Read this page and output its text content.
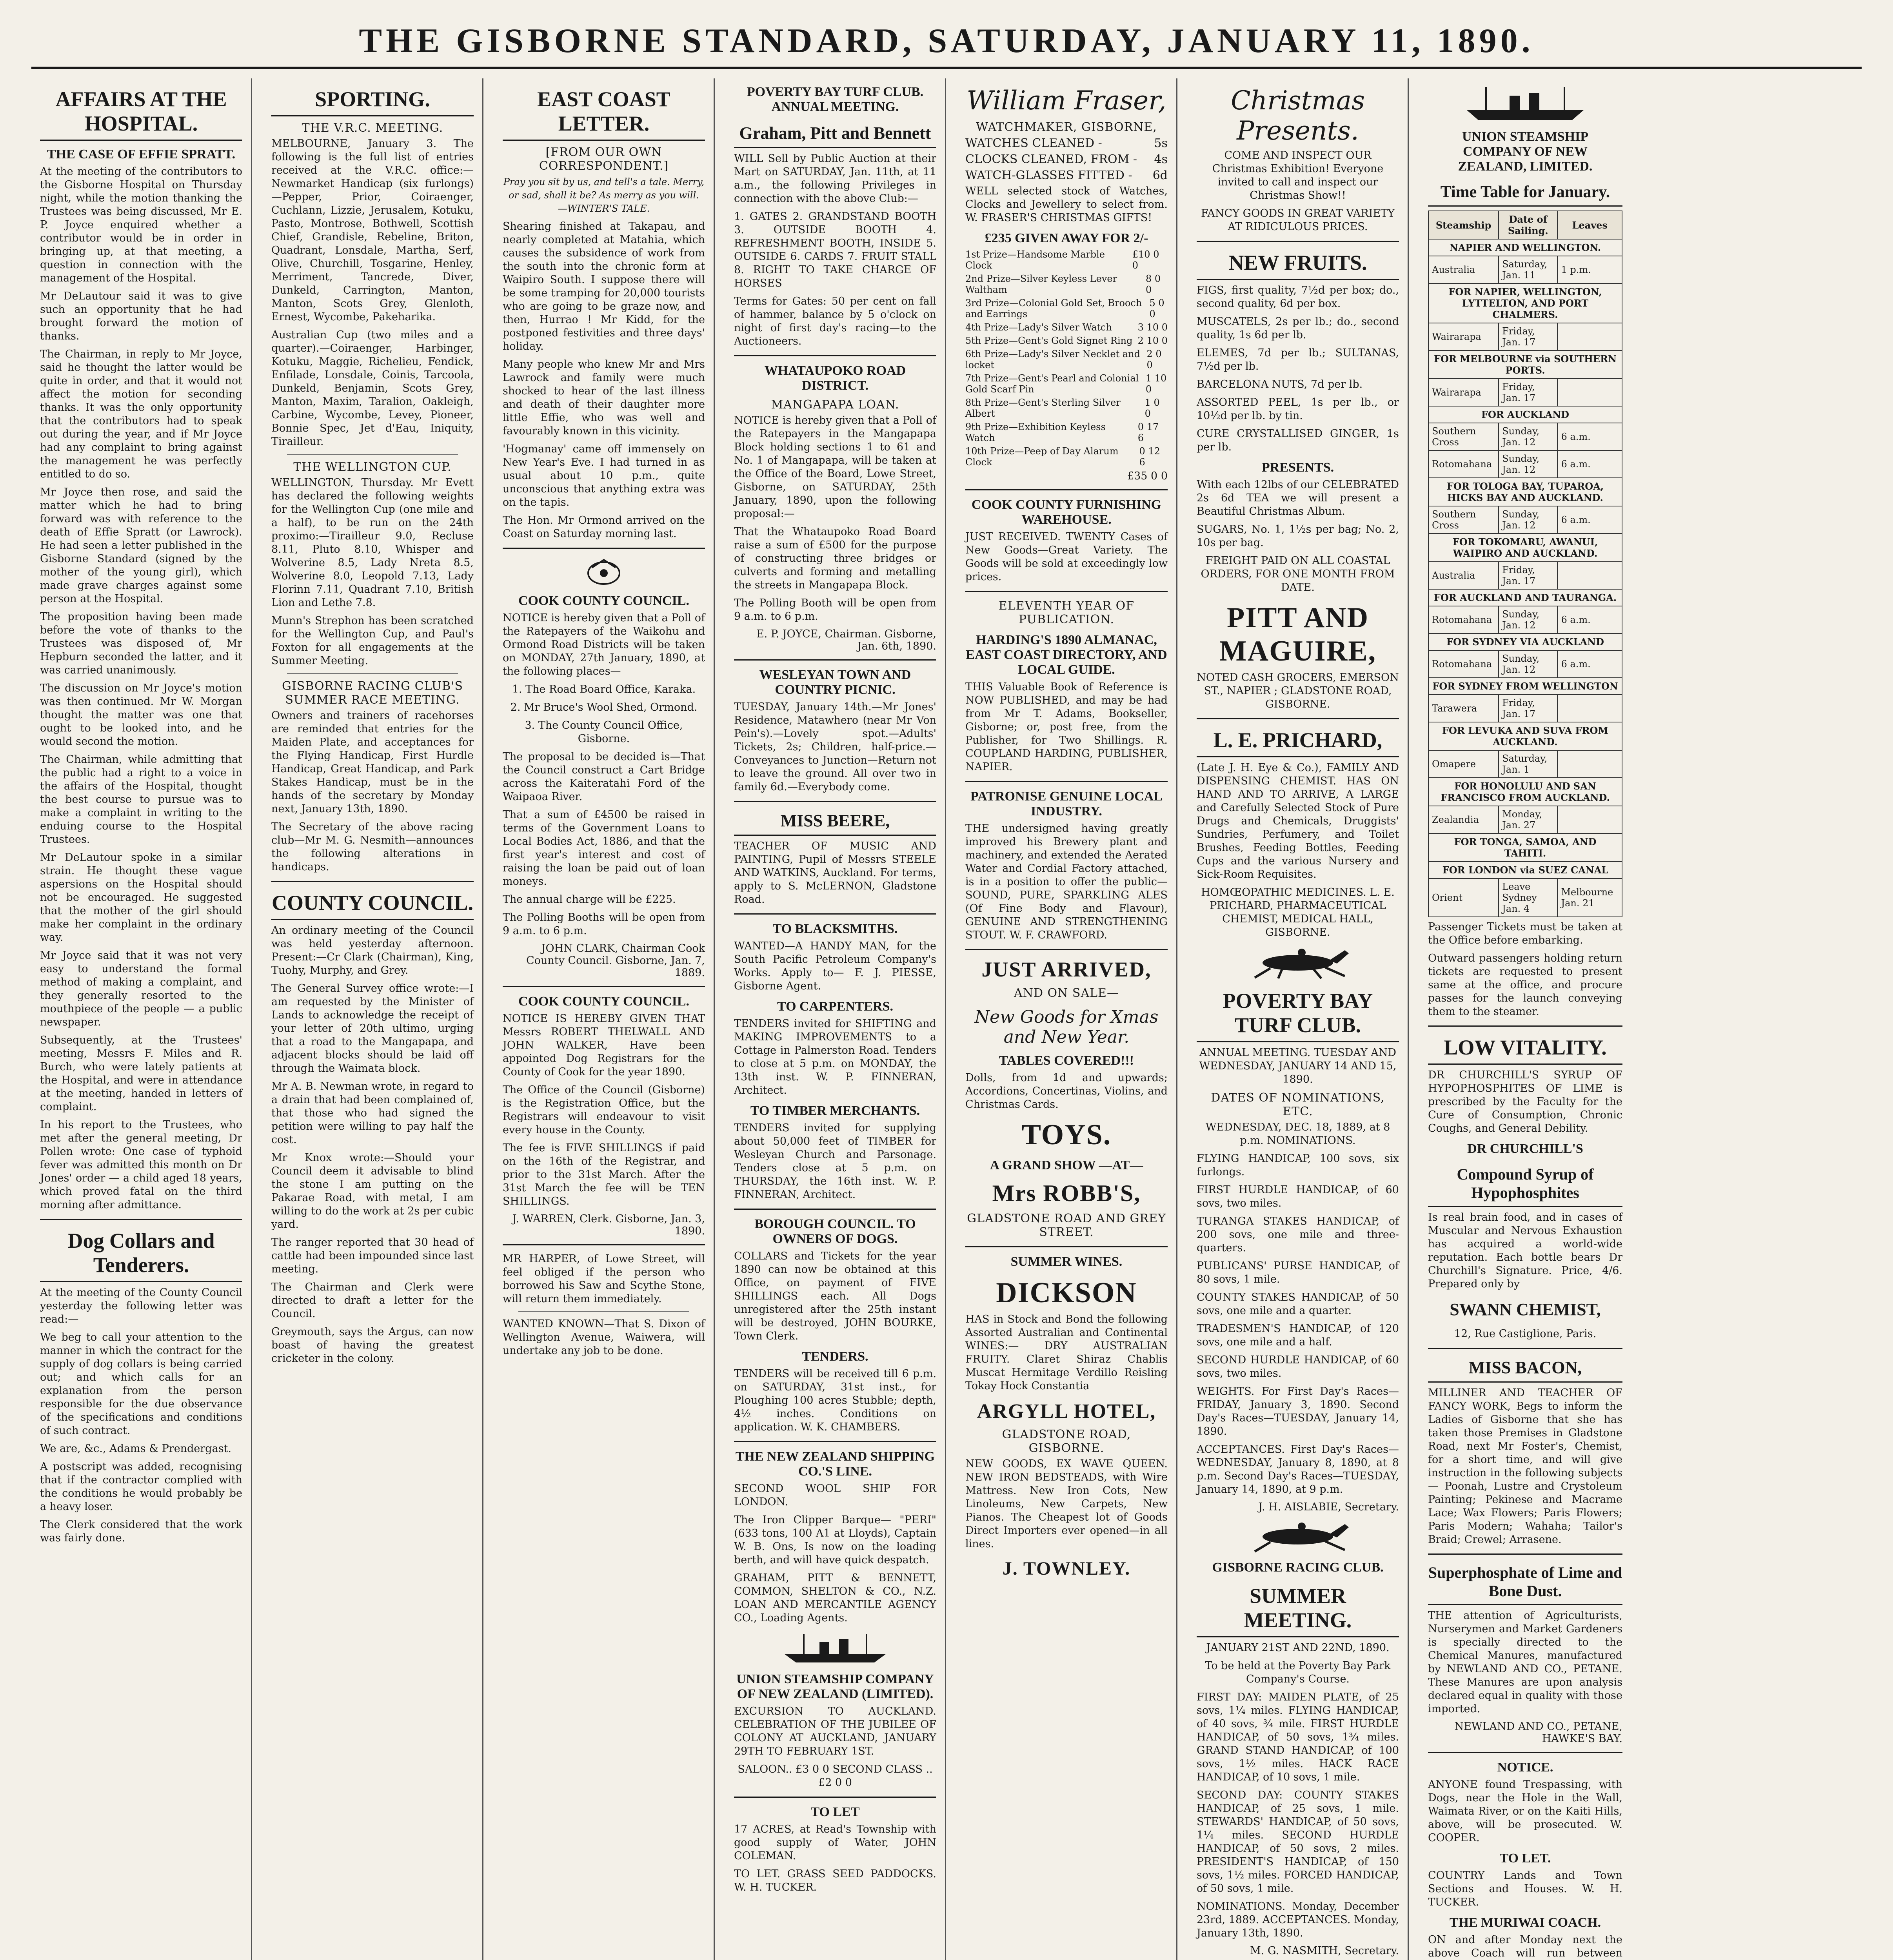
THE GISBORNE STANDARD, SATURDAY, JANUARY 11, 1890.
AFFAIRS AT THE HOSPITAL.
THE CASE OF EFFIE SPRATT.

At the meeting of the contributors to the Gisborne Hospital on Thursday night, while the motion thanking the Trustees was being discussed, Mr E. P. Joyce enquired whether a contributor would be in order in bringing up, at that meeting, a question in connection with the management of the Hospital.

Mr DeLautour said it was to give such an opportunity that he had brought forward the motion of thanks.

The Chairman, in reply to Mr Joyce, said he thought the latter would be quite in order, and that it would not affect the motion for seconding thanks. It was the only opportunity that the contributors had to speak out during the year, and if Mr Joyce had any complaint to bring against the management he was perfectly entitled to do so.

Mr Joyce then rose, and said the matter which he had to bring forward was with reference to the death of Effie Spratt (or Lawrock). He had seen a letter published in the Gisborne Standard (signed by the mother of the young girl), which made grave charges against some person at the Hospital.

The proposition having been made before the vote of thanks to the Trustees was disposed of, Mr Hepburn seconded the latter, and it was carried unanimously.

The discussion on Mr Joyce's motion was then continued. Mr W. Morgan thought the matter was one that ought to be looked into, and he would second the motion.

The Chairman, while admitting that the public had a right to a voice in the affairs of the Hospital, thought the best course to pursue was to make a complaint in writing to the enduing course to the Hospital Trustees.

Mr DeLautour spoke in a similar strain. He thought these vague aspersions on the Hospital should not be encouraged. He suggested that the mother of the girl should make her complaint in the ordinary way.

Mr Joyce said that it was not very easy to understand the formal method of making a complaint, and they generally resorted to the mouthpiece of the people — a public newspaper.

Subsequently, at the Trustees' meeting, Messrs F. Miles and R. Burch, who were lately patients at the Hospital, and were in attendance at the meeting, handed in letters of complaint.

In his report to the Trustees, who met after the general meeting, Dr Pollen wrote: One case of typhoid fever was admitted this month on Dr Jones' order — a child aged 18 years, which proved fatal on the third morning after admittance.

Dog Collars and Tenderers.

At the meeting of the County Council yesterday the following letter was read:—

We beg to call your attention to the manner in which the contract for the supply of dog collars is being carried out; and which calls for an explanation from the person responsible for the due observance of the specifications and conditions of such contract.

We are, &c., Adams & Prendergast.

A postscript was added, recognising that if the contractor complied with the conditions he would probably be a heavy loser.

The Clerk considered that the work was fairly done.

SPORTING.
THE V.R.C. MEETING.

MELBOURNE, January 3. The following is the full list of entries received at the V.R.C. office:—Newmarket Handicap (six furlongs)—Pepper, Prior, Coiraenger, Cuchlann, Lizzie, Jerusalem, Kotuku, Pasto, Montrose, Bothwell, Scottish Chief, Grandisle, Rebeline, Briton, Quadrant, Lonsdale, Martha, Serf, Olive, Churchill, Tosgarine, Henley, Merriment, Tancrede, Diver, Dunkeld, Carrington, Manton, Manton, Scots Grey, Glenloth, Ernest, Wycombe, Pakeharika.

Australian Cup (two miles and a quarter).—Coiraenger, Harbinger, Kotuku, Maggie, Richelieu, Fendick, Enfilade, Lonsdale, Coinis, Tarcoola, Dunkeld, Benjamin, Scots Grey, Manton, Maxim, Taralion, Oakleigh, Carbine, Wycombe, Levey, Pioneer, Bonnie Spec, Jet d'Eau, Iniquity, Tirailleur.

THE WELLINGTON CUP.

WELLINGTON, Thursday. Mr Evett has declared the following weights for the Wellington Cup (one mile and a half), to be run on the 24th proximo:—Tirailleur 9.0, Recluse 8.11, Pluto 8.10, Whisper and Wolverine 8.5, Lady Nreta 8.5, Wolverine 8.0, Leopold 7.13, Lady Florinn 7.11, Quadrant 7.10, British Lion and Lethe 7.8.

Munn's Strephon has been scratched for the Wellington Cup, and Paul's Foxton for all engagements at the Summer Meeting.

GISBORNE RACING CLUB'S SUMMER RACE MEETING.

Owners and trainers of racehorses are reminded that entries for the Maiden Plate, and acceptances for the Flying Handicap, First Hurdle Handicap, Great Handicap, and Park Stakes Handicap, must be in the hands of the secretary by Monday next, January 13th, 1890.

The Secretary of the above racing club—Mr M. G. Nesmith—announces the following alterations in handicaps.

COUNTY COUNCIL.

An ordinary meeting of the Council was held yesterday afternoon. Present:—Cr Clark (Chairman), King, Tuohy, Murphy, and Grey.

The General Survey office wrote:—I am requested by the Minister of Lands to acknowledge the receipt of your letter of 20th ultimo, urging that a road to the Mangapapa, and adjacent blocks should be laid off through the Waimata block.

Mr A. B. Newman wrote, in regard to a drain that had been complained of, that those who had signed the petition were willing to pay half the cost.

Mr Knox wrote:—Should your Council deem it advisable to blind the stone I am putting on the Pakarae Road, with metal, I am willing to do the work at 2s per cubic yard.

The ranger reported that 30 head of cattle had been impounded since last meeting.

The Chairman and Clerk were directed to draft a letter for the Council.

Greymouth, says the Argus, can now boast of having the greatest cricketer in the colony.

EAST COAST LETTER.
[FROM OUR OWN CORRESPONDENT.]

Pray you sit by us, and tell's a tale. Merry, or sad, shall it be? As merry as you will. —WINTER'S TALE.

Shearing finished at Takapau, and nearly completed at Matahia, which causes the subsidence of work from the south into the chronic form at Waipiro South. I suppose there will be some tramping for 20,000 tourists who are going to be graze now, and then, Hurrao ! Mr Kidd, for the postponed festivities and three days' holiday.

Many people who knew Mr and Mrs Lawrock and family were much shocked to hear of the last illness and death of their daughter more little Effie, who was well and favourably known in this vicinity.

'Hogmanay' came off immensely on New Year's Eve. I had turned in as usual about 10 p.m., quite unconscious that anything extra was on the tapis.

The Hon. Mr Ormond arrived on the Coast on Saturday morning last.

COOK COUNTY COUNCIL.

NOTICE is hereby given that a Poll of the Ratepayers of the Waikohu and Ormond Road Districts will be taken on MONDAY, 27th January, 1890, at the following places—

1. The Road Board Office, Karaka.

2. Mr Bruce's Wool Shed, Ormond.

3. The County Council Office, Gisborne.

The proposal to be decided is—That the Council construct a Cart Bridge across the Kaiteratahi Ford of the Waipaoa River.

That a sum of £4500 be raised in terms of the Government Loans to Local Bodies Act, 1886, and that the first year's interest and cost of raising the loan be paid out of loan moneys.

The annual charge will be £225.

The Polling Booths will be open from 9 a.m. to 6 p.m.

JOHN CLARK, Chairman Cook County Council. Gisborne, Jan. 7, 1889.
COOK COUNTY COUNCIL.

NOTICE IS HEREBY GIVEN THAT Messrs ROBERT THELWALL AND JOHN WALKER, Have been appointed Dog Registrars for the County of Cook for the year 1890.

The Office of the Council (Gisborne) is the Registration Office, but the Registrars will endeavour to visit every house in the County.

The fee is FIVE SHILLINGS if paid on the 16th of the Registrar, and prior to the 31st March. After the 31st March the fee will be TEN SHILLINGS.

J. WARREN, Clerk. Gisborne, Jan. 3, 1890.

MR HARPER, of Lowe Street, will feel obliged if the person who borrowed his Saw and Scythe Stone, will return them immediately.

WANTED KNOWN—That S. Dixon of Wellington Avenue, Waiwera, will undertake any job to be done.

POVERTY BAY TURF CLUB. ANNUAL MEETING.
Graham, Pitt and Bennett

WILL Sell by Public Auction at their Mart on SATURDAY, Jan. 11th, at 11 a.m., the following Privileges in connection with the above Club:—

1. GATES 2. GRANDSTAND BOOTH 3. OUTSIDE BOOTH 4. REFRESHMENT BOOTH, INSIDE 5. OUTSIDE 6. CARDS 7. FRUIT STALL 8. RIGHT TO TAKE CHARGE OF HORSES

Terms for Gates: 50 per cent on fall of hammer, balance by 5 o'clock on night of first day's racing—to the Auctioneers.

WHATAUPOKO ROAD DISTRICT.
MANGAPAPA LOAN.

NOTICE is hereby given that a Poll of the Ratepayers in the Mangapapa Block holding sections 1 to 61 and No. 1 of Mangapapa, will be taken at the Office of the Board, Lowe Street, Gisborne, on SATURDAY, 25th January, 1890, upon the following proposal:—

That the Whataupoko Road Board raise a sum of £500 for the purpose of constructing three bridges or culverts and forming and metalling the streets in Mangapapa Block.

The Polling Booth will be open from 9 a.m. to 6 p.m.

E. P. JOYCE, Chairman. Gisborne, Jan. 6th, 1890.
WESLEYAN TOWN AND COUNTRY PICNIC.

TUESDAY, January 14th.—Mr Jones' Residence, Matawhero (near Mr Von Pein's).—Lovely spot.—Adults' Tickets, 2s; Children, half-price.—Conveyances to Junction—Return not to leave the ground. All over two in family 6d.—Everybody come.

MISS BEERE,

TEACHER OF MUSIC AND PAINTING, Pupil of Messrs STEELE AND WATKINS, Auckland. For terms, apply to S. McLERNON, Gladstone Road.

TO BLACKSMITHS.

WANTED—A HANDY MAN, for the South Pacific Petroleum Company's Works. Apply to— F. J. PIESSE, Gisborne Agent.

TO CARPENTERS.

TENDERS invited for SHIFTING and MAKING IMPROVEMENTS to a Cottage in Palmerston Road. Tenders to close at 5 p.m. on MONDAY, the 13th inst. W. P. FINNERAN, Architect.

TO TIMBER MERCHANTS.

TENDERS invited for supplying about 50,000 feet of TIMBER for Wesleyan Church and Parsonage. Tenders close at 5 p.m. on THURSDAY, the 16th inst. W. P. FINNERAN, Architect.

BOROUGH COUNCIL. TO OWNERS OF DOGS.

COLLARS and Tickets for the year 1890 can now be obtained at this Office, on payment of FIVE SHILLINGS each. All Dogs unregistered after the 25th instant will be destroyed, JOHN BOURKE, Town Clerk.

TENDERS.

TENDERS will be received till 6 p.m. on SATURDAY, 31st inst., for Ploughing 100 acres Stubble; depth, 4½ inches. Conditions on application. W. K. CHAMBERS.

THE NEW ZEALAND SHIPPING CO.'S LINE.

SECOND WOOL SHIP FOR LONDON.

The Iron Clipper Barque— "PERI" (633 tons, 100 A1 at Lloyds), Captain W. B. Ons, Is now on the loading berth, and will have quick despatch.

GRAHAM, PITT & BENNETT, COMMON, SHELTON & CO., N.Z. LOAN AND MERCANTILE AGENCY CO., Loading Agents.

UNION STEAMSHIP COMPANY OF NEW ZEALAND (LIMITED).

EXCURSION TO AUCKLAND. CELEBRATION OF THE JUBILEE OF COLONY AT AUCKLAND, JANUARY 29TH TO FEBRUARY 1ST.

SALOON.. £3 0 0 SECOND CLASS .. £2 0 0

TO LET

17 ACRES, at Read's Township with good supply of Water, JOHN COLEMAN.

TO LET. GRASS SEED PADDOCKS. W. H. TUCKER.

William Fraser,
WATCHMAKER, GISBORNE,
WATCHES CLEANED -	5s
CLOCKS CLEANED, FROM - 4s
WATCH-GLASSES FITTED - 6d

WELL selected stock of Watches, Clocks and Jewellery to select from. W. FRASER'S CHRISTMAS GIFTS!

£235 GIVEN AWAY FOR 2/-
1st Prize—Handsome Marble Clock
£10 0 0
2nd Prize—Silver Keyless Lever Waltham
8 0 0
3rd Prize—Colonial Gold Set, Brooch and Earrings
5 0 0
4th Prize—Lady's Silver Watch	3 10 0
5th Prize—Gent's Gold Signet Ring 2 10 0
6th Prize—Lady's Silver Necklet and locket
2 0 0
7th Prize—Gent's Pearl and Colonial Gold Scarf Pin
1 10 0
8th Prize—Gent's Sterling Silver Albert
1 0 0
9th Prize—Exhibition Keyless Watch
0 17 6
10th Prize—Peep of Day Alarum Clock
0 12 6
£35 0 0
COOK COUNTY FURNISHING WAREHOUSE.

JUST RECEIVED. TWENTY Cases of New Goods—Great Variety. The Goods will be sold at exceedingly low prices.

ELEVENTH YEAR OF PUBLICATION.
HARDING'S 1890 ALMANAC, EAST COAST DIRECTORY, AND LOCAL GUIDE.

THIS Valuable Book of Reference is NOW PUBLISHED, and may be had from Mr T. Adams, Bookseller, Gisborne; or, post free, from the Publisher, for Two Shillings. R. COUPLAND HARDING, PUBLISHER, NAPIER.

PATRONISE GENUINE LOCAL INDUSTRY.

THE undersigned having greatly improved his Brewery plant and machinery, and extended the Aerated Water and Cordial Factory attached, is in a position to offer the public— SOUND, PURE, SPARKLING ALES (Of Fine Body and Flavour), GENUINE AND STRENGTHENING STOUT. W. F. CRAWFORD.

JUST ARRIVED,
AND ON SALE—
New Goods for Xmas and New Year.
TABLES COVERED!!!

Dolls, from 1d and upwards; Accordions, Concertinas, Violins, and Christmas Cards.

TOYS.
A GRAND SHOW —AT—
Mrs ROBB'S,
GLADSTONE ROAD AND GREY STREET.
SUMMER WINES.
DICKSON

HAS in Stock and Bond the following Assorted Australian and Continental WINES:— DRY AUSTRALIAN FRUITY. Claret Shiraz Chablis Muscat Hermitage Verdillo Reisling Tokay Hock Constantia

ARGYLL HOTEL,
GLADSTONE ROAD, GISBORNE.

NEW GOODS, EX WAVE QUEEN. NEW IRON BEDSTEADS, with Wire Mattress. New Iron Cots, New Linoleums, New Carpets, New Pianos. The Cheapest lot of Goods Direct Importers ever opened—in all lines.

J. TOWNLEY.
Christmas Presents.

COME AND INSPECT OUR Christmas Exhibition! Everyone invited to call and inspect our Christmas Show!!

FANCY GOODS IN GREAT VARIETY AT RIDICULOUS PRICES.

NEW FRUITS.

FIGS, first quality, 7½d per box; do., second quality, 6d per box.

MUSCATELS, 2s per lb.; do., second quality, 1s 6d per lb.

ELEMES, 7d per lb.; SULTANAS, 7½d per lb.

BARCELONA NUTS, 7d per lb.

ASSORTED PEEL, 1s per lb., or 10½d per lb. by tin.

CURE CRYSTALLISED GINGER, 1s per lb.

PRESENTS.

With each 12lbs of our CELEBRATED 2s 6d TEA we will present a Beautiful Christmas Album.

SUGARS, No. 1, 1½s per bag; No. 2, 10s per bag.

FREIGHT PAID ON ALL COASTAL ORDERS, FOR ONE MONTH FROM DATE.

PITT AND MAGUIRE,

NOTED CASH GROCERS, EMERSON ST., NAPIER ; GLADSTONE ROAD, GISBORNE.

L. E. PRICHARD,

(Late J. H. Eye & Co.), FAMILY AND DISPENSING CHEMIST. HAS ON HAND AND TO ARRIVE, A LARGE and Carefully Selected Stock of Pure Drugs and Chemicals, Druggists' Sundries, Perfumery, and Toilet Brushes, Feeding Bottles, Feeding Cups and the various Nursery and Sick-Room Requisites.

HOMŒOPATHIC MEDICINES. L. E. PRICHARD, PHARMACEUTICAL CHEMIST, MEDICAL HALL, GISBORNE.

POVERTY BAY TURF CLUB.

ANNUAL MEETING. TUESDAY AND WEDNESDAY, JANUARY 14 AND 15, 1890.

DATES OF NOMINATIONS, ETC.

WEDNESDAY, DEC. 18, 1889, at 8 p.m. NOMINATIONS.

FLYING HANDICAP, 100 sovs, six furlongs.

FIRST HURDLE HANDICAP, of 60 sovs, two miles.

TURANGA STAKES HANDICAP, of 200 sovs, one mile and three-quarters.

PUBLICANS' PURSE HANDICAP, of 80 sovs, 1 mile.

COUNTY STAKES HANDICAP, of 50 sovs, one mile and a quarter.

TRADESMEN'S HANDICAP, of 120 sovs, one mile and a half.

SECOND HURDLE HANDICAP, of 60 sovs, two miles.

WEIGHTS. For First Day's Races—FRIDAY, January 3, 1890. Second Day's Races—TUESDAY, January 14, 1890.

ACCEPTANCES. First Day's Races—WEDNESDAY, January 8, 1890, at 8 p.m. Second Day's Races—TUESDAY, January 14, 1890, at 9 p.m.

J. H. AISLABIE, Secretary.
GISBORNE RACING CLUB.
SUMMER MEETING.

JANUARY 21ST AND 22ND, 1890.

To be held at the Poverty Bay Park Company's Course.

FIRST DAY: MAIDEN PLATE, of 25 sovs, 1¼ miles. FLYING HANDICAP, of 40 sovs, ¾ mile. FIRST HURDLE HANDICAP, of 50 sovs, 1¾ miles. GRAND STAND HANDICAP, of 100 sovs, 1½ miles. HACK RACE HANDICAP, of 10 sovs, 1 mile.

SECOND DAY: COUNTY STAKES HANDICAP, of 25 sovs, 1 mile. STEWARDS' HANDICAP, of 50 sovs, 1¼ miles. SECOND HURDLE HANDICAP, of 50 sovs, 2 miles. PRESIDENT'S HANDICAP, of 150 sovs, 1½ miles. FORCED HANDICAP, of 50 sovs, 1 mile.

NOMINATIONS. Monday, December 23rd, 1889. ACCEPTANCES. Monday, January 13th, 1890.

M. G. NASMITH, Secretary.

UNION STEAMSHIP COMPANY OF NEW ZEALAND, LIMITED.
Time Table for January.
Steamship	Date of Sailing.	Leaves
NAPIER AND WELLINGTON.		
Australia	Saturday, Jan. 11	1 p.m.
FOR NAPIER, WELLINGTON, LYTTELTON, AND PORT CHALMERS.		
Wairarapa	Friday, Jan. 17	
FOR MELBOURNE via SOUTHERN PORTS.		
Wairarapa	Friday, Jan. 17	
FOR AUCKLAND		
Southern Cross	Sunday, Jan. 12	6 a.m.
Rotomahana	Sunday, Jan. 12	6 a.m.
FOR TOLOGA BAY, TUPAROA, HICKS BAY AND AUCKLAND.		
Southern Cross	Sunday, Jan. 12	6 a.m.
FOR TOKOMARU, AWANUI, WAIPIRO AND AUCKLAND.		
Australia	Friday, Jan. 17	
FOR AUCKLAND AND TAURANGA.		
Rotomahana	Sunday, Jan. 12	6 a.m.
FOR SYDNEY VIA AUCKLAND		
Rotomahana	Sunday, Jan. 12	6 a.m.
FOR SYDNEY FROM WELLINGTON		
Tarawera	Friday, Jan. 17	
FOR LEVUKA AND SUVA FROM AUCKLAND.		
Omapere	Saturday, Jan. 1	
FOR HONOLULU AND SAN FRANCISCO FROM AUCKLAND.		
Zealandia	Monday, Jan. 27	
FOR TONGA, SAMOA, AND TAHITI.		
FOR LONDON via SUEZ CANAL		
Orient	Leave Sydney Jan. 4	Melbourne Jan. 21

Passenger Tickets must be taken at the Office before embarking.

Outward passengers holding return tickets are requested to present same at the office, and procure passes for the launch conveying them to the steamer.

LOW VITALITY.

DR CHURCHILL'S SYRUP OF HYPOPHOSPHITES OF LIME is prescribed by the Faculty for the Cure of Consumption, Chronic Coughs, and General Debility.

DR CHURCHILL'S
Compound Syrup of Hypophosphites

Is real brain food, and in cases of Muscular and Nervous Exhaustion has acquired a world-wide reputation. Each bottle bears Dr Churchill's Signature. Price, 4/6. Prepared only by

SWANN CHEMIST,

12, Rue Castiglione, Paris.

MISS BACON,

MILLINER AND TEACHER OF FANCY WORK, Begs to inform the Ladies of Gisborne that she has taken those Premises in Gladstone Road, next Mr Foster's, Chemist, for a short time, and will give instruction in the following subjects— Poonah, Lustre and Crystoleum Painting; Pekinese and Macrame Lace; Wax Flowers; Paris Flowers; Paris Modern; Wahaha; Tailor's Braid; Crewel; Arrasene.

Superphosphate of Lime and Bone Dust.

THE attention of Agriculturists, Nurserymen and Market Gardeners is specially directed to the Chemical Manures, manufactured by NEWLAND AND CO., PETANE. These Manures are upon analysis declared equal in quality with those imported.

NEWLAND AND CO., PETANE, HAWKE'S BAY.
NOTICE.

ANYONE found Trespassing, with Dogs, near the Hole in the Wall, Waimata River, or on the Kaiti Hills, above, will be prosecuted. W. COOPER.

TO LET.

COUNTRY Lands and Town Sections and Houses. W. H. TUCKER.

THE MURIWAI COACH.

ON and after Monday next the above Coach will run between
